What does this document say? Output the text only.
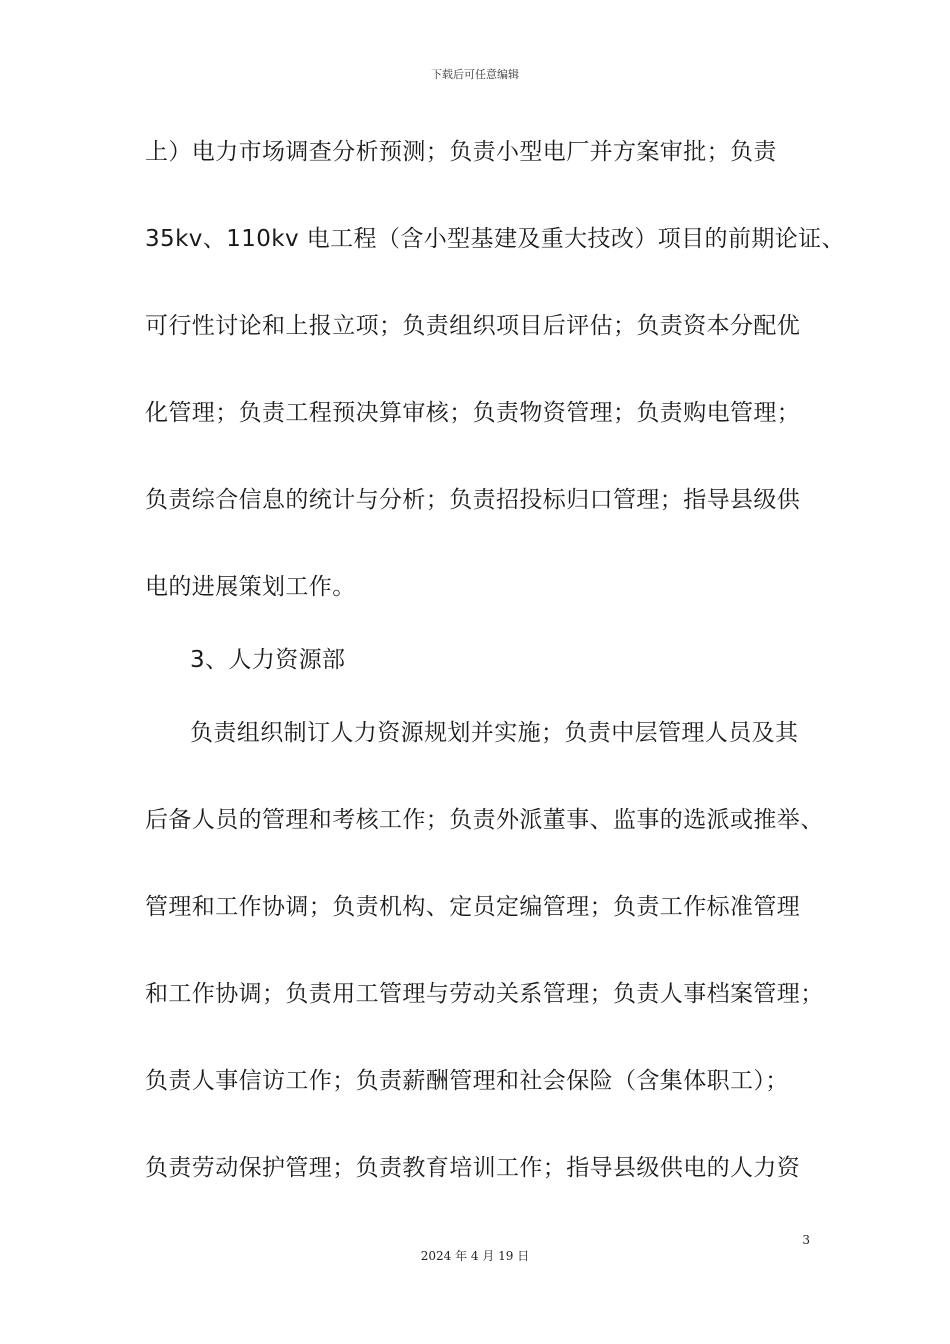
下载后可任意编辑
上）电力市场调查分析预测；负责小型电厂并方案审批；负责
35kv、110kv 电工程（含小型基建及重大技改）项目的前期论证、
可行性讨论和上报立项；负责组织项目后评估；负责资本分配优
化管理；负责工程预决算审核；负责物资管理；负责购电管理；
负责综合信息的统计与分析；负责招投标归口管理；指导县级供
电的进展策划工作。
3、人力资源部
负责组织制订人力资源规划并实施；负责中层管理人员及其
后备人员的管理和考核工作；负责外派董事、监事的选派或推举、
管理和工作协调；负责机构、定员定编管理；负责工作标准管理
和工作协调；负责用工管理与劳动关系管理；负责人事档案管理；
负责人事信访工作；负责薪酬管理和社会保险（含集体职工）；
负责劳动保护管理；负责教育培训工作；指导县级供电的人力资
3
2024 年 4 月 19 日
